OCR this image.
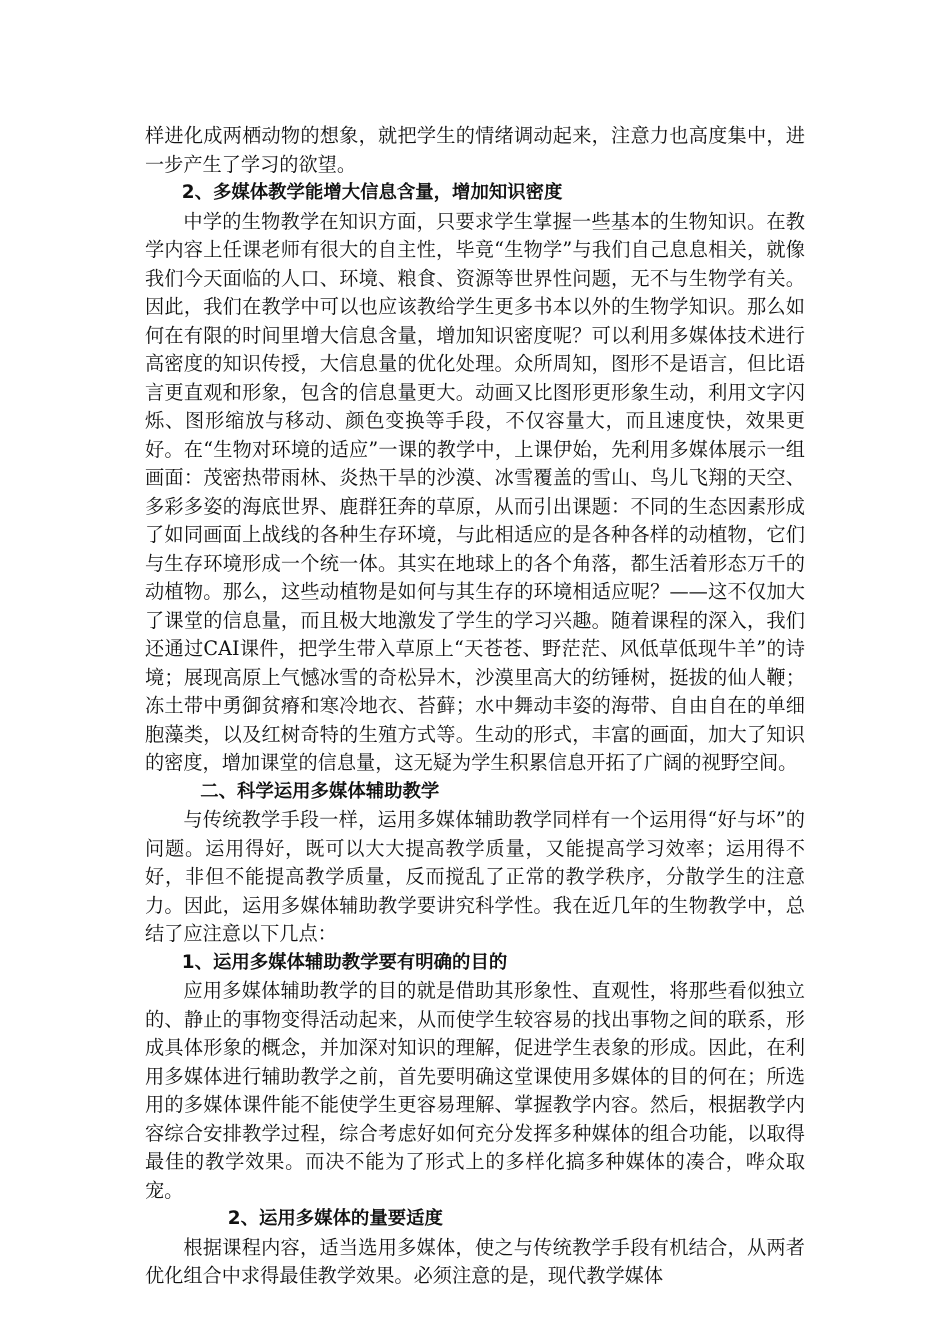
样进化成两栖动物的想象，就把学生的情绪调动起来，注意力也高度集中，进一步产生了学习的欲望。

2、多媒体教学能增大信息含量，增加知识密度

中学的生物教学在知识方面，只要求学生掌握一些基本的生物知识。在教学内容上任课老师有很大的自主性，毕竟“生物学”与我们自己息息相关，就像我们今天面临的人口、环境、粮食、资源等世界性问题，无不与生物学有关。因此，我们在教学中可以也应该教给学生更多书本以外的生物学知识。那么如何在有限的时间里增大信息含量，增加知识密度呢？可以利用多媒体技术进行高密度的知识传授，大信息量的优化处理。众所周知，图形不是语言，但比语言更直观和形象，包含的信息量更大。动画又比图形更形象生动，利用文字闪烁、图形缩放与移动、颜色变换等手段，不仅容量大，而且速度快，效果更好。在“生物对环境的适应”一课的教学中，上课伊始，先利用多媒体展示一组画面：茂密热带雨林、炎热干旱的沙漠、冰雪覆盖的雪山、鸟儿飞翔的天空、多彩多姿的海底世界、鹿群狂奔的草原，从而引出课题：不同的生态因素形成了如同画面上战线的各种生存环境，与此相适应的是各种各样的动植物，它们与生存环境形成一个统一体。其实在地球上的各个角落，都生活着形态万千的动植物。那么，这些动植物是如何与其生存的环境相适应呢？——这不仅加大了课堂的信息量，而且极大地激发了学生的学习兴趣。随着课程的深入，我们还通过CAI课件，把学生带入草原上“天苍苍、野茫茫、风低草低现牛羊”的诗境；展现高原上气憾冰雪的奇松异木，沙漠里高大的纺锤树，挺拔的仙人鞭；冻土带中勇御贫瘠和寒冷地衣、苔藓；水中舞动丰姿的海带、自由自在的单细胞藻类，以及红树奇特的生殖方式等。生动的形式，丰富的画面，加大了知识的密度，增加课堂的信息量，这无疑为学生积累信息开拓了广阔的视野空间。

二、科学运用多媒体辅助教学

与传统教学手段一样，运用多媒体辅助教学同样有一个运用得“好与坏”的问题。运用得好，既可以大大提高教学质量，又能提高学习效率；运用得不好，非但不能提高教学质量，反而搅乱了正常的教学秩序，分散学生的注意力。因此，运用多媒体辅助教学要讲究科学性。我在近几年的生物教学中，总结了应注意以下几点：

1、运用多媒体辅助教学要有明确的目的

应用多媒体辅助教学的目的就是借助其形象性、直观性，将那些看似独立的、静止的事物变得活动起来，从而使学生较容易的找出事物之间的联系，形成具体形象的概念，并加深对知识的理解，促进学生表象的形成。因此，在利用多媒体进行辅助教学之前，首先要明确这堂课使用多媒体的目的何在；所选用的多媒体课件能不能使学生更容易理解、掌握教学内容。然后，根据教学内容综合安排教学过程，综合考虑好如何充分发挥多种媒体的组合功能，以取得最佳的教学效果。而决不能为了形式上的多样化搞多种媒体的凑合，哗众取宠。

2、运用多媒体的量要适度

根据课程内容，适当选用多媒体，使之与传统教学手段有机结合，从两者优化组合中求得最佳教学效果。必须注意的是，现代教学媒体
